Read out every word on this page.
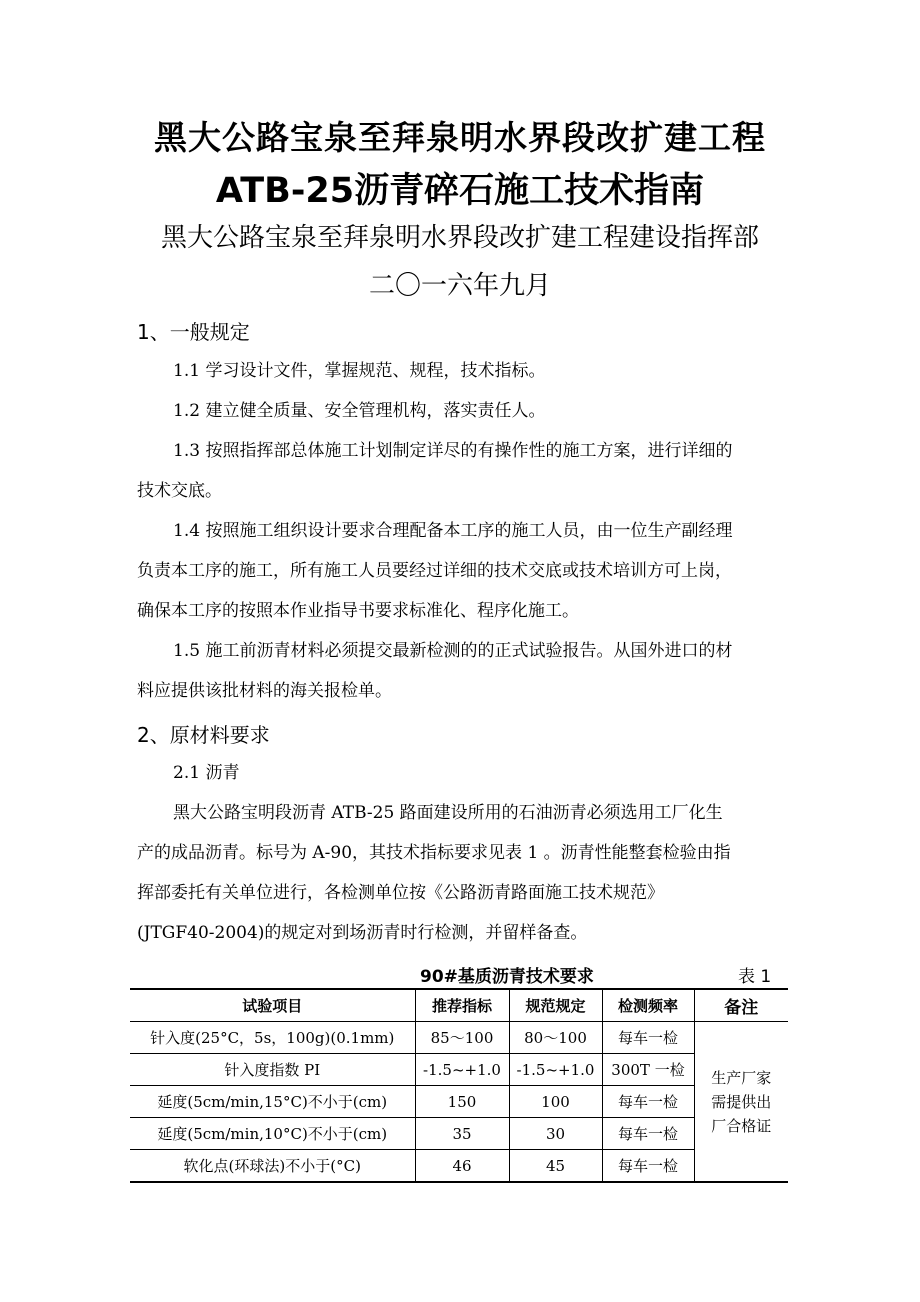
黑大公路宝泉至拜泉明水界段改扩建工程
ATB-25沥青碎石施工技术指南
黑大公路宝泉至拜泉明水界段改扩建工程建设指挥部
二〇一六年九月
1、一般规定
1.1 学习设计文件，掌握规范、规程，技术指标。
1.2 建立健全质量、安全管理机构，落实责任人。
1.3 按照指挥部总体施工计划制定详尽的有操作性的施工方案，进行详细的
技术交底。
1.4 按照施工组织设计要求合理配备本工序的施工人员，由一位生产副经理
负责本工序的施工，所有施工人员要经过详细的技术交底或技术培训方可上岗，
确保本工序的按照本作业指导书要求标准化、程序化施工。
1.5 施工前沥青材料必须提交最新检测的的正式试验报告。从国外进口的材
料应提供该批材料的海关报检单。
2、原材料要求
2.1 沥青
黑大公路宝明段沥青 ATB-25 路面建设所用的石油沥青必须选用工厂化生
产的成品沥青。标号为 A-90，其技术指标要求见表 1 。沥青性能整套检验由指
挥部委托有关单位进行，各检测单位按《公路沥青路面施工技术规范》
(JTGF40-2004)的规定对到场沥青时行检测，并留样备查。
90#基质沥青技术要求	表 1
试验项目	推荐指标	规范规定	检测频率	备注
针入度(25°C，5s，100g)(0.1mm)	85～100	80～100	每车一检	生产厂家
需提供出
厂合格证

针入度指数 PI	-1.5~+1.0	-1.5~+1.0	300T 一检	
延度(5cm/min,15°C)不小于(cm)	150	100	每车一检	
延度(5cm/min,10°C)不小于(cm)	35	30	每车一检	
软化点(环球法)不小于(°C)	46	45	每车一检	
